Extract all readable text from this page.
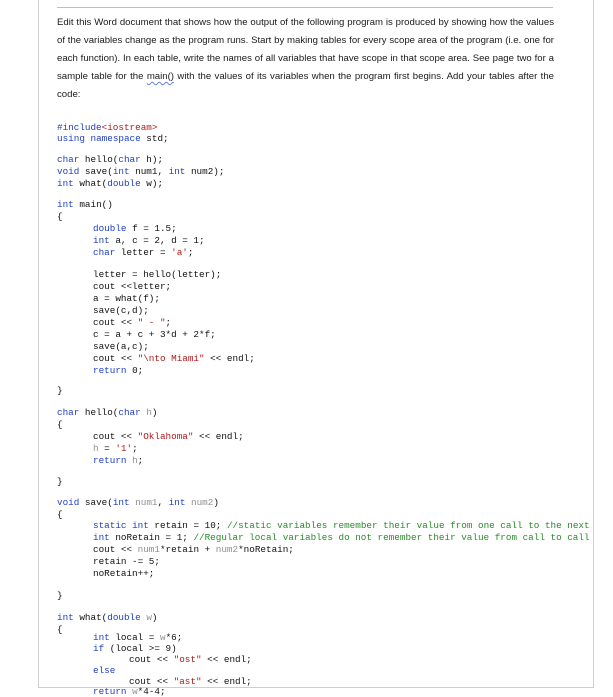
Edit this Word document that shows how the output of the following program is produced by showing how the values of the variables change as the program runs. Start by making tables for every scope area of the program (i.e. one for each function). In each table, write the names of all variables that have scope in that scope area. See page two for a sample table for the main() with the values of its variables when the program first begins. Add your tables after the code:
#include<iostream>
using namespace std;
char hello(char h);
void save(int num1, int num2);
int what(double w);
int main()
{
double f = 1.5;
int a, c = 2, d = 1;
char letter = 'a';
letter = hello(letter);
cout <<letter;
a = what(f);
save(c,d);
cout << " - ";
c = a + c + 3*d + 2*f;
save(a,c);
cout << "\nto Miami" << endl;
return 0;
}
char hello(char h)
{
cout << "Oklahoma" << endl;
h = '1';
return h;
}
void save(int num1, int num2)
{
static int retain = 10; //static variables remember their value from one call to the next
int noRetain = 1; //Regular local variables do not remember their value from call to call
cout << num1*retain + num2*noRetain;
retain -= 5;
noRetain++;
}
int what(double w)
{
int local = w*6;
if (local >= 9)
cout << "ost" << endl;
else
cout << "ast" << endl;
return w*4-4;
